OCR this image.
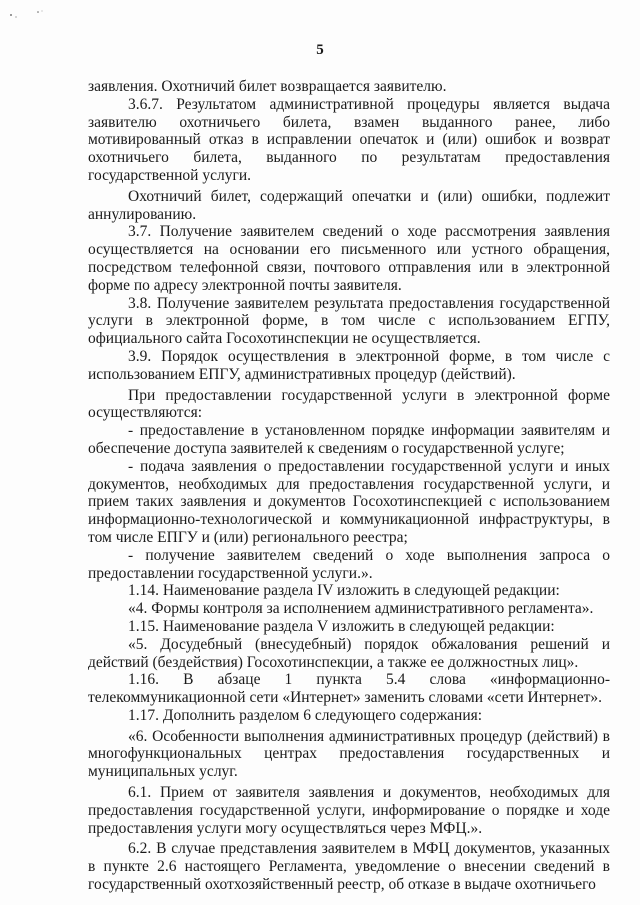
5

заявления. Охотничий билет возвращается заявителю.

3.6.7. Результатом административной процедуры является выдача заявителю охотничьего билета, взамен выданного ранее, либо мотивированный отказ в исправлении опечаток и (или) ошибок и возврат охотничьего билета, выданного по результатам предоставления государственной услуги.

Охотничий билет, содержащий опечатки и (или) ошибки, подлежит аннулированию.

3.7. Получение заявителем сведений о ходе рассмотрения заявления осуществляется на основании его письменного или устного обращения, посредством телефонной связи, почтового отправления или в электронной форме по адресу электронной почты заявителя.

3.8. Получение заявителем результата предоставления государственной услуги в электронной форме, в том числе с использованием ЕГПУ, официального сайта Госохотинспекции не осуществляется.

3.9. Порядок осуществления в электронной форме, в том числе с использованием ЕПГУ, административных процедур (действий).

При предоставлении государственной услуги в электронной форме осуществляются:

- предоставление в установленном порядке информации заявителям и обеспечение доступа заявителей к сведениям о государственной услуге;

- подача заявления о предоставлении государственной услуги и иных документов, необходимых для предоставления государственной услуги, и прием таких заявления и документов Госохотинспекцией с использованием информационно-технологической и коммуникационной инфраструктуры, в том числе ЕПГУ и (или) регионального реестра;

- получение заявителем сведений о ходе выполнения запроса о предоставлении государственной услуги.».

1.14. Наименование раздела IV изложить в следующей редакции:

«4. Формы контроля за исполнением административного регламента».

1.15. Наименование раздела V изложить в следующей редакции:

«5. Досудебный (внесудебный) порядок обжалования решений и действий (бездействия) Госохотинспекции, а также ее должностных лиц».

1.16. В абзаце 1 пункта 5.4 слова «информационно-телекоммуникационной сети «Интернет» заменить словами «сети Интернет».

1.17. Дополнить разделом 6 следующего содержания:

«6. Особенности выполнения административных процедур (действий) в многофункциональных центрах предоставления государственных и муниципальных услуг.

6.1. Прием от заявителя заявления и документов, необходимых для предоставления государственной услуги, информирование о порядке и ходе предоставления услуги могу осуществляться через МФЦ.».

6.2. В случае представления заявителем в МФЦ документов, указанных в пункте 2.6 настоящего Регламента, уведомление о внесении сведений в государственный охотхозяйственный реестр, об отказе в выдаче охотничьего
